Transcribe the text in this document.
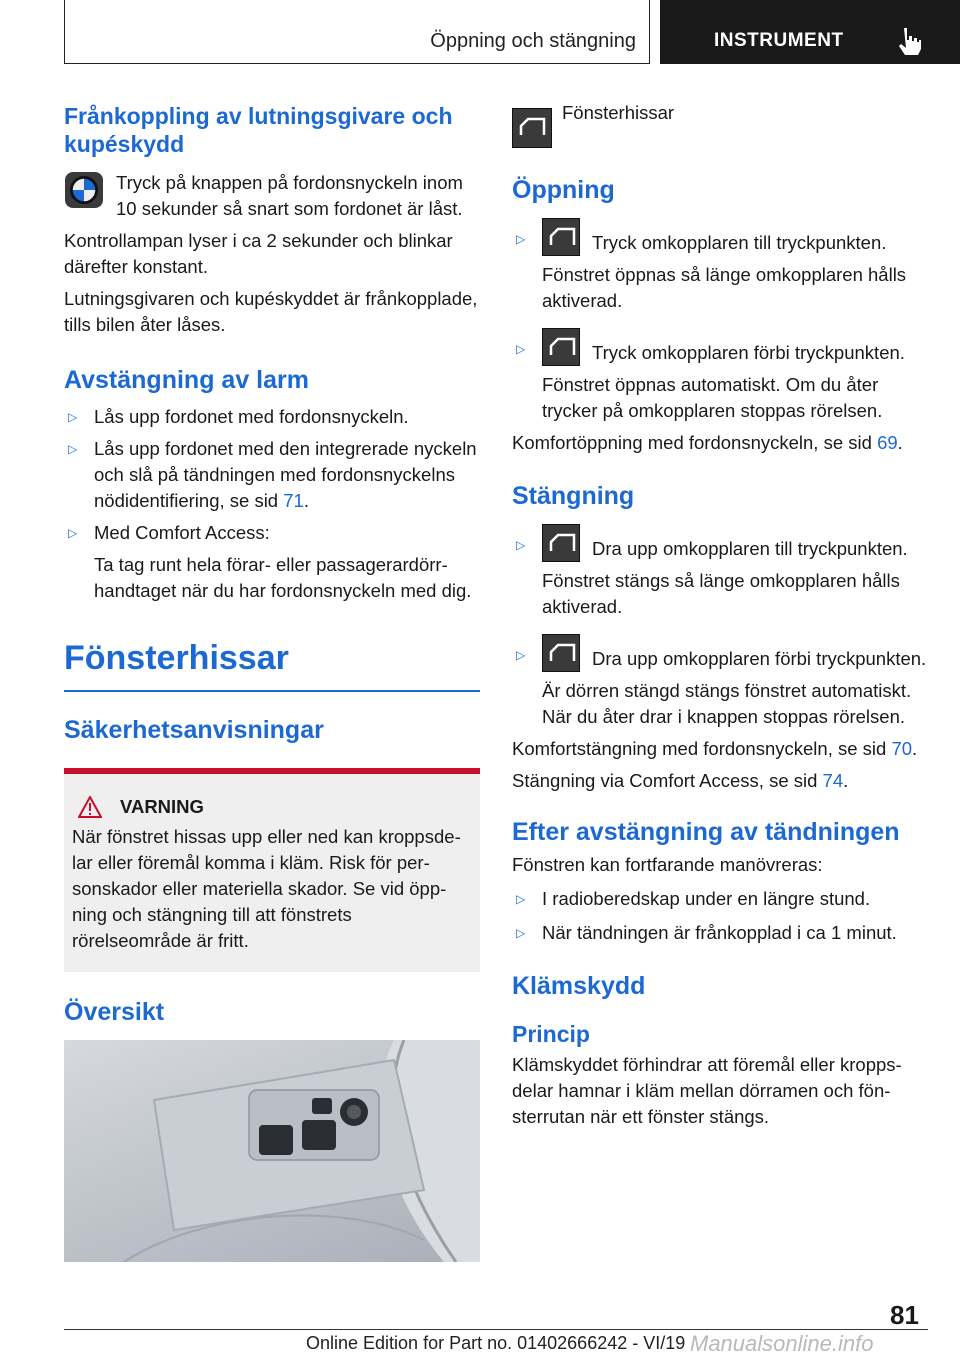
Öppning och stängning	INSTRUMENT
Frånkoppling av lutningsgivare och kupéskydd

Tryck på knappen på fordonsnyckeln inom 10 sekunder så snart som fordonet är låst.

Kontrollampan lyser i ca 2 sekunder och blinkar därefter konstant.

Lutningsgivaren och kupéskyddet är frånkopplade, tills bilen åter låses.

Avstängning av larm
▷ Lås upp fordonet med fordonsnyckeln.
▷ Lås upp fordonet med den integrerade nyckeln och slå på tändningen med fordonsnyckelns nödidentifiering, se sid 71.
▷ Med Comfort Access:

Ta tag runt hela förar- eller passagerardörrhandtaget när du har fordonsnyckeln med dig.

Fönsterhissar
Säkerhetsanvisningar
VARNING

När fönstret hissas upp eller ned kan kroppsdelar eller föremål komma i kläm. Risk för personskador eller materiella skador. Se vid öppning och stängning till att fönstrets rörelseområde är fritt.

Översikt
Fönsterhissar
Öppning
▷	Tryck omkopplaren till tryckpunkten.

Fönstret öppnas så länge omkopplaren hålls aktiverad.

▷	Tryck omkopplaren förbi tryckpunkten.

Fönstret öppnas automatiskt. Om du åter trycker på omkopplaren stoppas rörelsen.

Komfortöppning med fordonsnyckeln, se sid 69.

Stängning
▷	Dra upp omkopplaren till tryckpunkten.

Fönstret stängs så länge omkopplaren hålls aktiverad.

▷	Dra upp omkopplaren förbi tryckpunkten.

Är dörren stängd stängs fönstret automatiskt. När du åter drar i knappen stoppas rörelsen.

Komfortstängning med fordonsnyckeln, se sid 70.

Stängning via Comfort Access, se sid 74.

Efter avstängning av tändningen

Fönstren kan fortfarande manövreras:

▷ I radioberedskap under en längre stund.
▷ När tändningen är frånkopplad i ca 1 minut.
Klämskydd
Princip

Klämskyddet förhindrar att föremål eller kroppsdelar hamnar i kläm mellan dörramen och fönsterrutan när ett fönster stängs.

81
Online Edition for Part no. 01402666242 - VI/19 Manualsonline.info
